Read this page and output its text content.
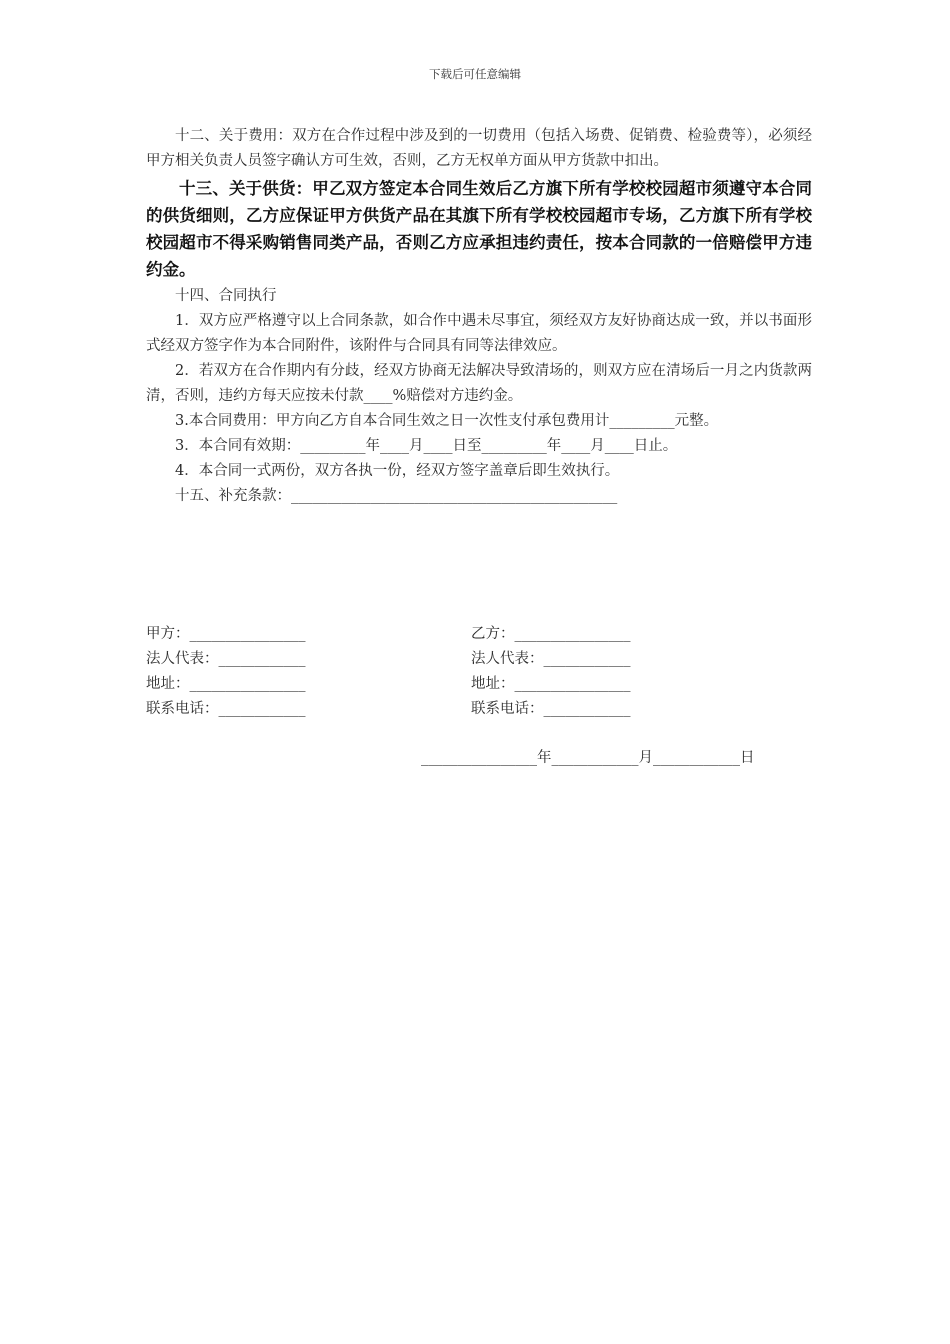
下载后可任意编辑

十二、关于费用：双方在合作过程中涉及到的一切费用（包括入场费、促销费、检验费等），必须经甲方相关负责人员签字确认方可生效，否则，乙方无权单方面从甲方货款中扣出。

十三、关于供货：甲乙双方签定本合同生效后乙方旗下所有学校校园超市须遵守本合同的供货细则，乙方应保证甲方供货产品在其旗下所有学校校园超市专场，乙方旗下所有学校校园超市不得采购销售同类产品，否则乙方应承担违约责任，按本合同款的一倍赔偿甲方违约金。

十四、合同执行

1．双方应严格遵守以上合同条款，如合作中遇未尽事宜，须经双方友好协商达成一致，并以书面形式经双方签字作为本合同附件，该附件与合同具有同等法律效应。

2．若双方在合作期内有分歧，经双方协商无法解决导致清场的，则双方应在清场后一月之内货款两清，否则，违约方每天应按未付款____%赔偿对方违约金。

3.本合同费用：甲方向乙方自本合同生效之日一次性支付承包费用计_________元整。

3．本合同有效期：_________年____月____日至_________年____月____日止。

4．本合同一式两份，双方各执一份，经双方签字盖章后即生效执行。

十五、补充条款：_____________________________________________

甲方：________________
法人代表：____________
地址：________________
联系电话：____________
乙方：________________
法人代表：____________
地址：________________
联系电话：____________
________________年____________月____________日
